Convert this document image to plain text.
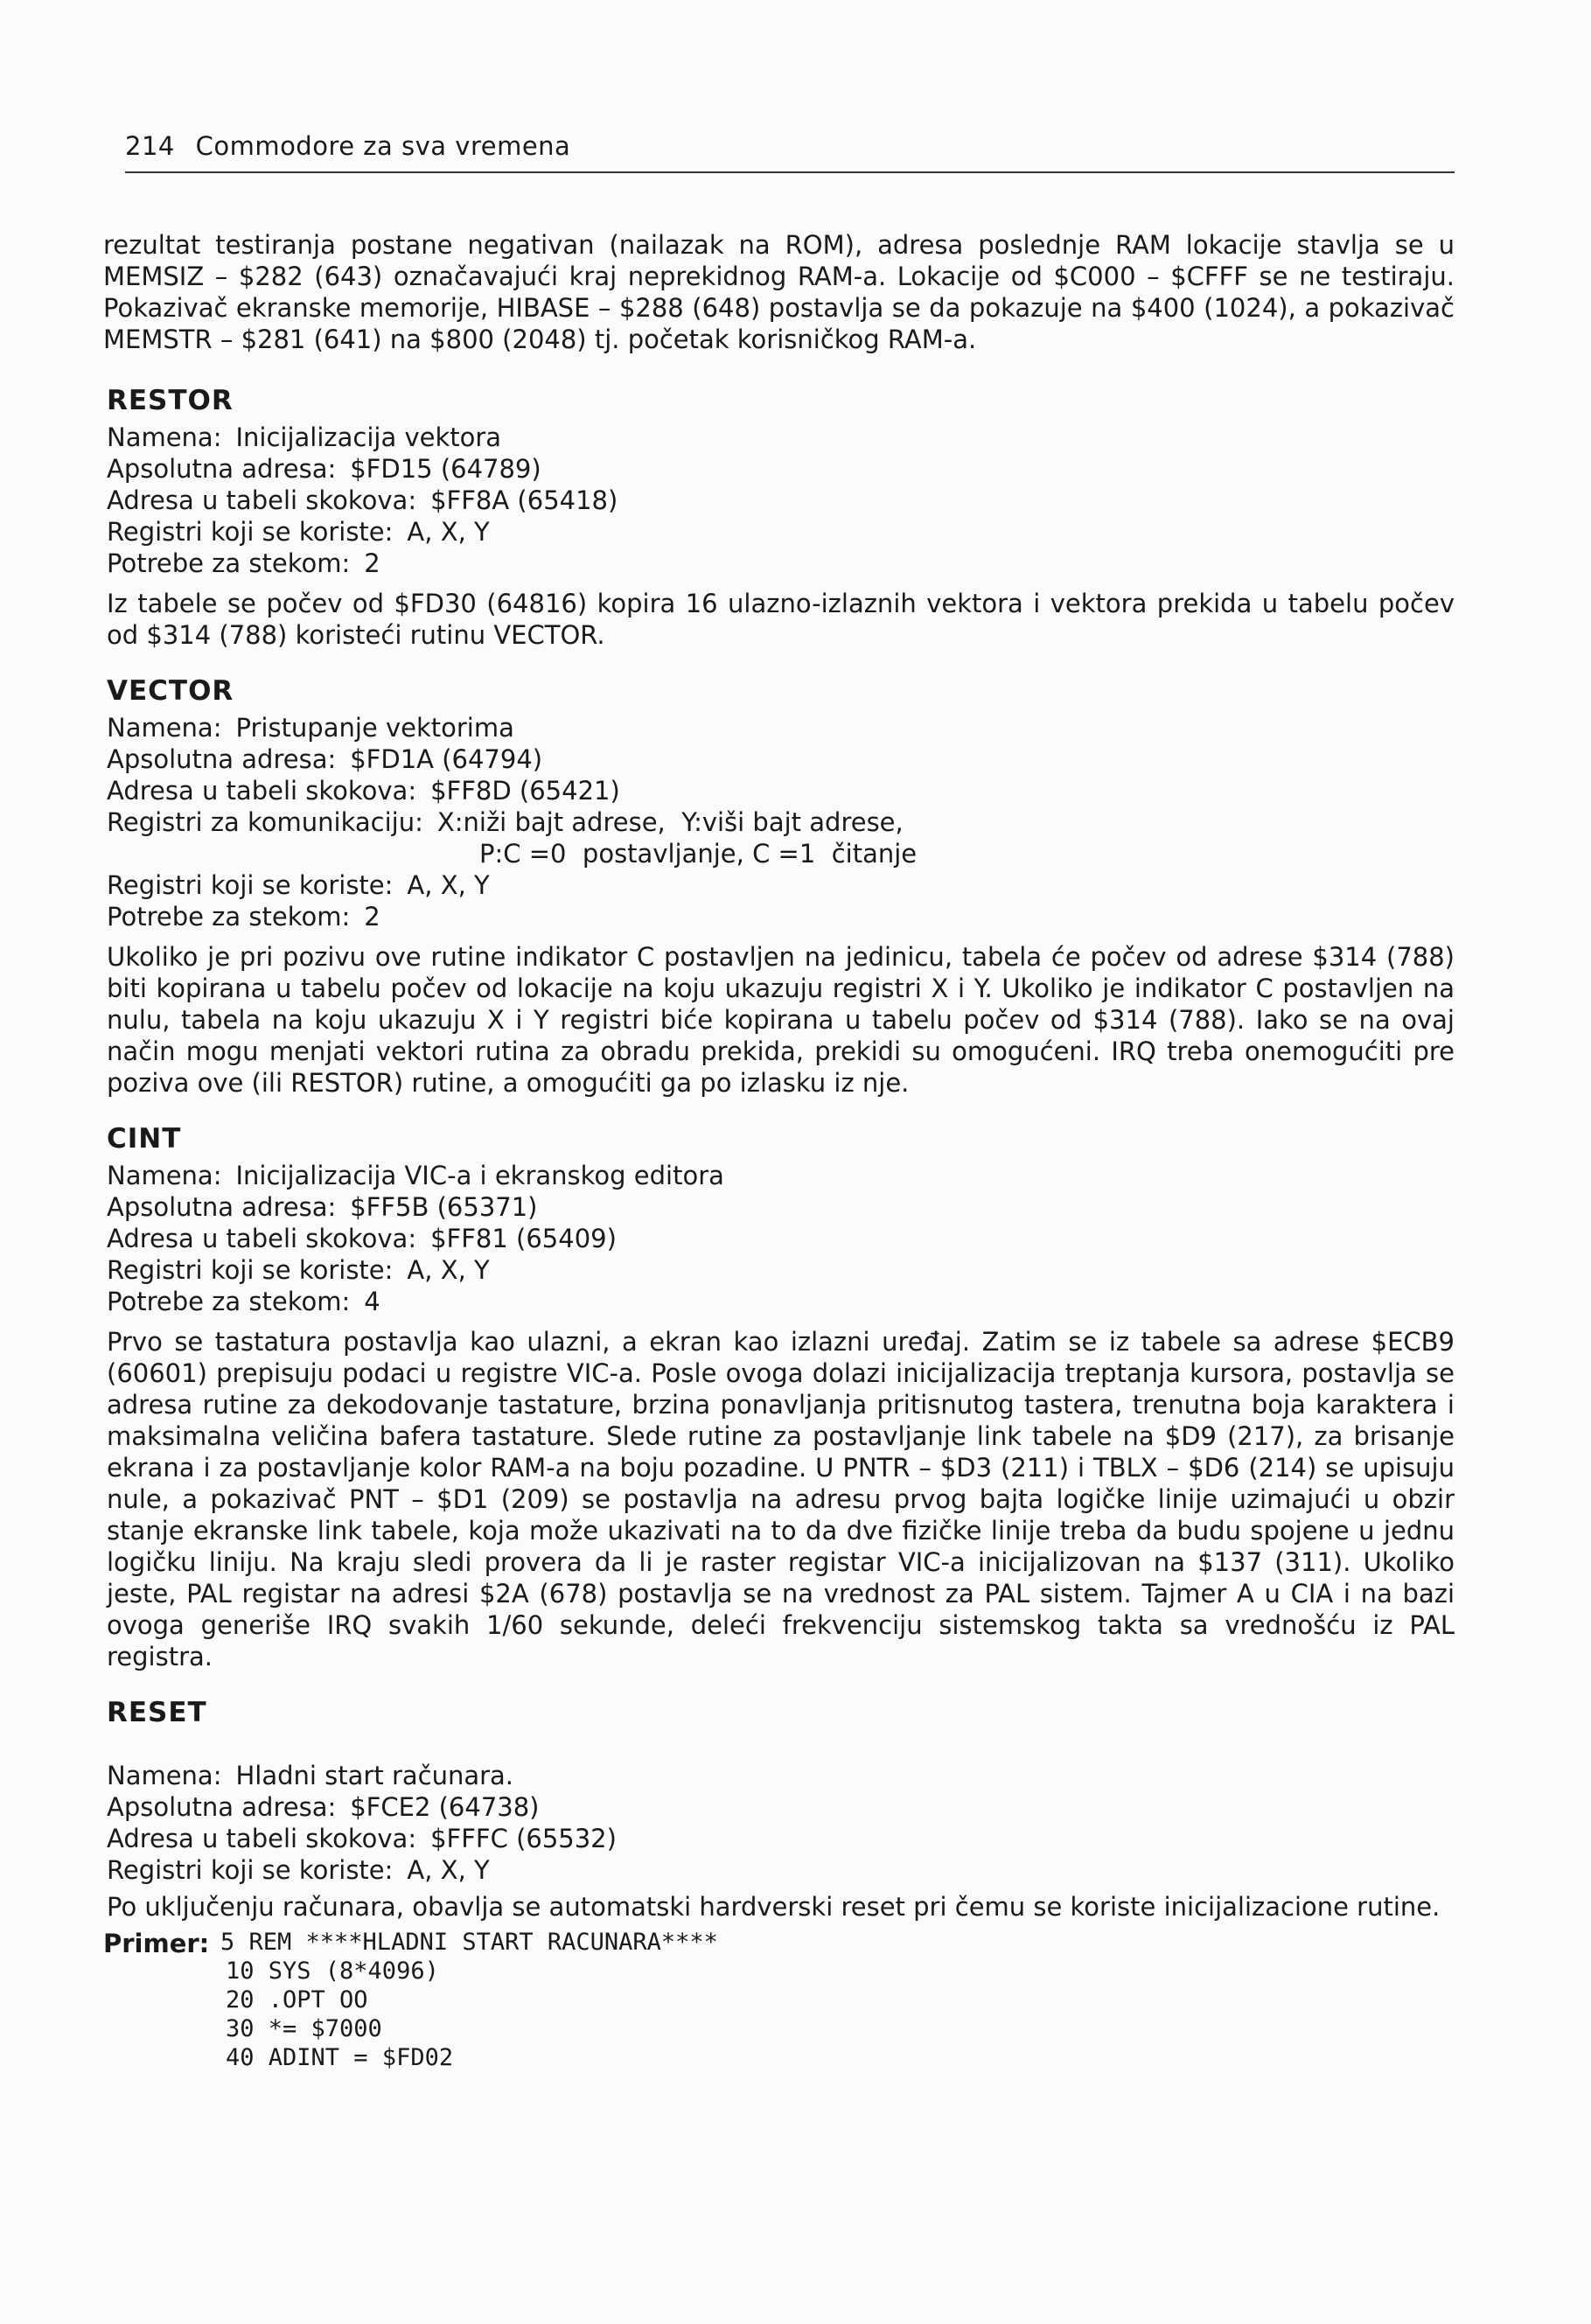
214 Commodore za sva vremena

rezultat testiranja postane negativan (nailazak na ROM), adresa poslednje RAM lokacije stavlja se u MEMSIZ – $282 (643) označavajući kraj neprekidnog RAM-a. Lokacije od $C000 – $CFFF se ne testiraju. Pokazivač ekranske memorije, HIBASE – $288 (648) postavlja se da pokazuje na $400 (1024), a pokazivač MEMSTR – $281 (641) na $800 (2048) tj. početak korisničkog RAM-a.

RESTOR
Namena: Inicijalizacija vektora
Apsolutna adresa: $FD15 (64789)
Adresa u tabeli skokova: $FF8A (65418)
Registri koji se koriste: A, X, Y
Potrebe za stekom: 2

Iz tabele se počev od $FD30 (64816) kopira 16 ulazno-izlaznih vektora i vektora prekida u tabelu počev od $314 (788) koristeći rutinu VECTOR.

VECTOR
Namena: Pristupanje vektorima
Apsolutna adresa: $FD1A (64794)
Adresa u tabeli skokova: $FF8D (65421)
Registri za komunikaciju: X:niži bajt adrese,  Y:viši bajt adrese,
P:C =0  postavljanje, C =1  čitanje
Registri koji se koriste: A, X, Y
Potrebe za stekom: 2

Ukoliko je pri pozivu ove rutine indikator C postavljen na jedinicu, tabela će počev od adrese $314 (788) biti kopirana u tabelu počev od lokacije na koju ukazuju registri X i Y. Ukoliko je indikator C postavljen na nulu, tabela na koju ukazuju X i Y registri biće kopirana u tabelu počev od $314 (788). Iako se na ovaj način mogu menjati vektori rutina za obradu prekida, prekidi su omogućeni. IRQ treba onemogućiti pre poziva ove (ili RESTOR) rutine, a omogućiti ga po izlasku iz nje.

CINT
Namena: Inicijalizacija VIC-a i ekranskog editora
Apsolutna adresa: $FF5B (65371)
Adresa u tabeli skokova: $FF81 (65409)
Registri koji se koriste: A, X, Y
Potrebe za stekom: 4

Prvo se tastatura postavlja kao ulazni, a ekran kao izlazni uređaj. Zatim se iz tabele sa adrese $ECB9 (60601) prepisuju podaci u registre VIC-a. Posle ovoga dolazi inicijalizacija treptanja kursora, postavlja se adresa rutine za dekodovanje tastature, brzina ponavljanja pritisnutog tastera, trenutna boja karaktera i maksimalna veličina bafera tastature. Slede rutine za postavljanje link tabele na $D9 (217), za brisanje ekrana i za postavljanje kolor RAM-a na boju pozadine. U PNTR – $D3 (211) i TBLX – $D6 (214) se upisuju nule, a pokazivač PNT – $D1 (209) se postavlja na adresu prvog bajta logičke linije uzimajući u obzir stanje ekranske link tabele, koja može ukazivati na to da dve fizičke linije treba da budu spojene u jednu logičku liniju. Na kraju sledi provera da li je raster registar VIC-a inicijalizovan na $137 (311). Ukoliko jeste, PAL registar na adresi $2A (678) postavlja se na vrednost za PAL sistem. Tajmer A u CIA i na bazi ovoga generiše IRQ svakih 1/60 sekunde, deleći frekvenciju sistemskog takta sa vrednošću iz PAL registra.

RESET
Namena: Hladni start računara.
Apsolutna adresa: $FCE2 (64738)
Adresa u tabeli skokova: $FFFC (65532)
Registri koji se koriste: A, X, Y

Po uključenju računara, obavlja se automatski hardverski reset pri čemu se koriste inicijalizacione rutine.

Primer: 5 REM ****HLADNI START RACUNARA****
10 SYS (8*4096)
20 .OPT OO
30 *= $7000
40 ADINT = $FD02
